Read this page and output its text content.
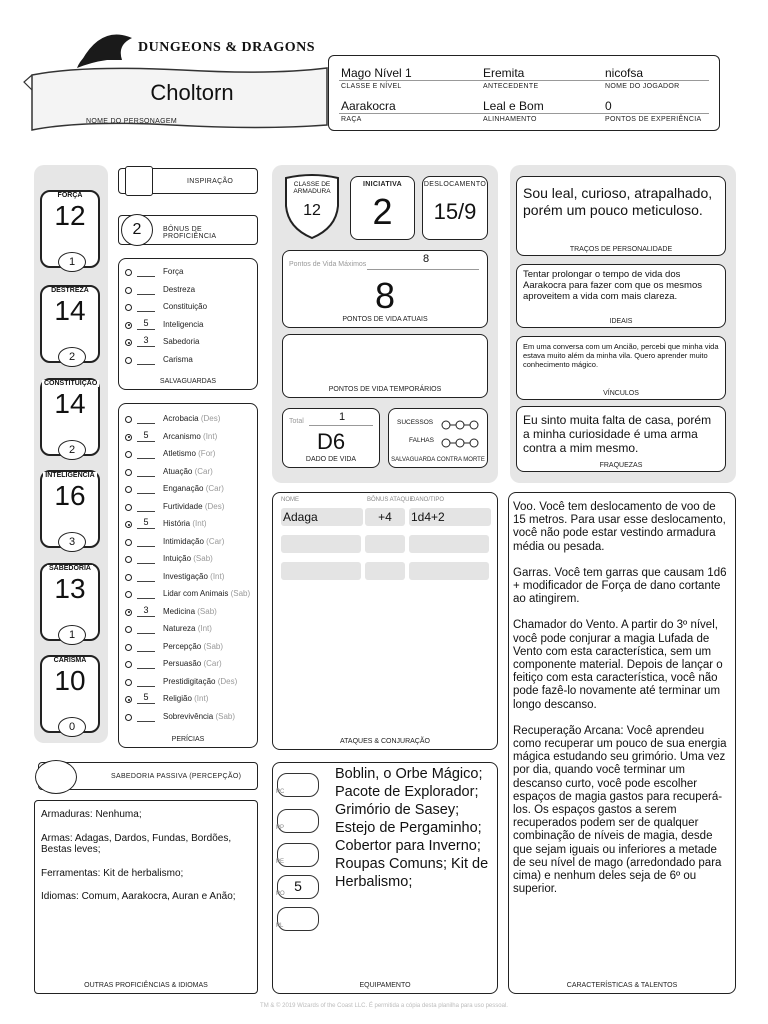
DUNGEONS & DRAGONS
Choltorn
NOME DO PERSONAGEM
Mago Nível 1
CLASSE E NÍVEL
Eremita
ANTECEDENTE
nicofsa
NOME DO JOGADOR
Aarakocra
RAÇA
Leal e Bom
ALINHAMENTO
0
PONTOS DE EXPERIÊNCIA
FORÇA
12
1
DESTREZA
14
2
CONSTITUIÇÃO
14
2
INTELIGÊNCIA
16
3
SABEDORIA
13
1
CARISMA
10
0
INSPIRAÇÃO
2	BÔNUS DE PROFICIÊNCIA
Força
Destreza
Constituição
5	Inteligencia
3	Sabedoria
Carisma
SALVAGUARDAS
Acrobacia (Des)
5	Arcanismo (Int)
Atletismo (For)
Atuação (Car)
Enganação (Car)
Furtividade (Des)
5	História (Int)
Intimidação (Car)
Intuição (Sab)
Investigação (Int)
Lidar com Animais (Sab)
3	Medicina (Sab)
Natureza (Int)
Percepção (Sab)
Persuasão (Car)
Prestidigitação (Des)
5	Religião (Int)
Sobrevivência (Sab)
PERÍCIAS
CLASSE DE ARMADURA
12
INICIATIVA
2
DESLOCAMENTO
15/9
Pontos de Vida Máximos	8
8
PONTOS DE VIDA ATUAIS
PONTOS DE VIDA TEMPORÁRIOS
Total	1
D6
DADO DE VIDA
SUCESSOS
FALHAS
SALVAGUARDA CONTRA MORTE
Sou leal, curioso, atrapalhado, porém um pouco meticuloso.
TRAÇOS DE PERSONALIDADE
Tentar prolongar o tempo de vida dos Aarakocra para fazer com que os mesmos aproveitem a vida com mais clareza.
IDEAIS
Em uma conversa com um Ancião, percebi que minha vida estava muito além da minha vila. Quero aprender muito conhecimento mágico.
VÍNCULOS
Eu sinto muita falta de casa, porém a minha curiosidade é uma arma contra a mim mesmo.
FRAQUEZAS
NOME	BÔNUS ATAQUE
DANO/TIPO
Adaga	+4	1d4+2
ATAQUES & CONJURAÇÃO
Voo. Você tem deslocamento de voo de 15 metros. Para usar esse deslocamento, você não pode estar vestindo armadura média ou pesada.
Garras. Você tem garras que causam 1d6 + modificador de Força de dano cortante ao atingirem.
Chamador do Vento. A partir do 3º nível, você pode conjurar a magia Lufada de Vento com esta característica, sem um componente material. Depois de lançar o feitiço com esta característica, você não pode fazê-lo novamente até terminar um longo descanso.
Recuperação Arcana: Você aprendeu como recuperar um pouco de sua energia mágica estudando seu grimório. Uma vez por dia, quando você terminar um descanso curto, você pode escolher espaços de magia gastos para recuperá-los. Os espaços gastos a serem recuperados podem ser de qualquer combinação de níveis de magia, desde que sejam iguais ou inferiores a metade de seu nível de mago (arredondado para cima) e nenhum deles seja de 6º ou superior.
CARACTERÍSTICAS & TALENTOS
SABEDORIA PASSIVA (PERCEPÇÃO)
Armaduras: Nenhuma;
Armas: Adagas, Dardos, Fundas, Bordões, Bestas leves;
Ferramentas: Kit de herbalismo;
Idiomas: Comum, Aarakocra, Auran e Anão;
OUTRAS PROFICIÊNCIAS & IDIOMAS
PC
PP
PE
PO 5
PL
Boblin, o Orbe Mágico; Pacote de Explorador; Grimório de Sasey; Estejo de Pergaminho; Cobertor para Inverno; Roupas Comuns; Kit de Herbalismo;
EQUIPAMENTO
TM & © 2019 Wizards of the Coast LLC. É permitida a cópia desta planilha para uso pessoal.
